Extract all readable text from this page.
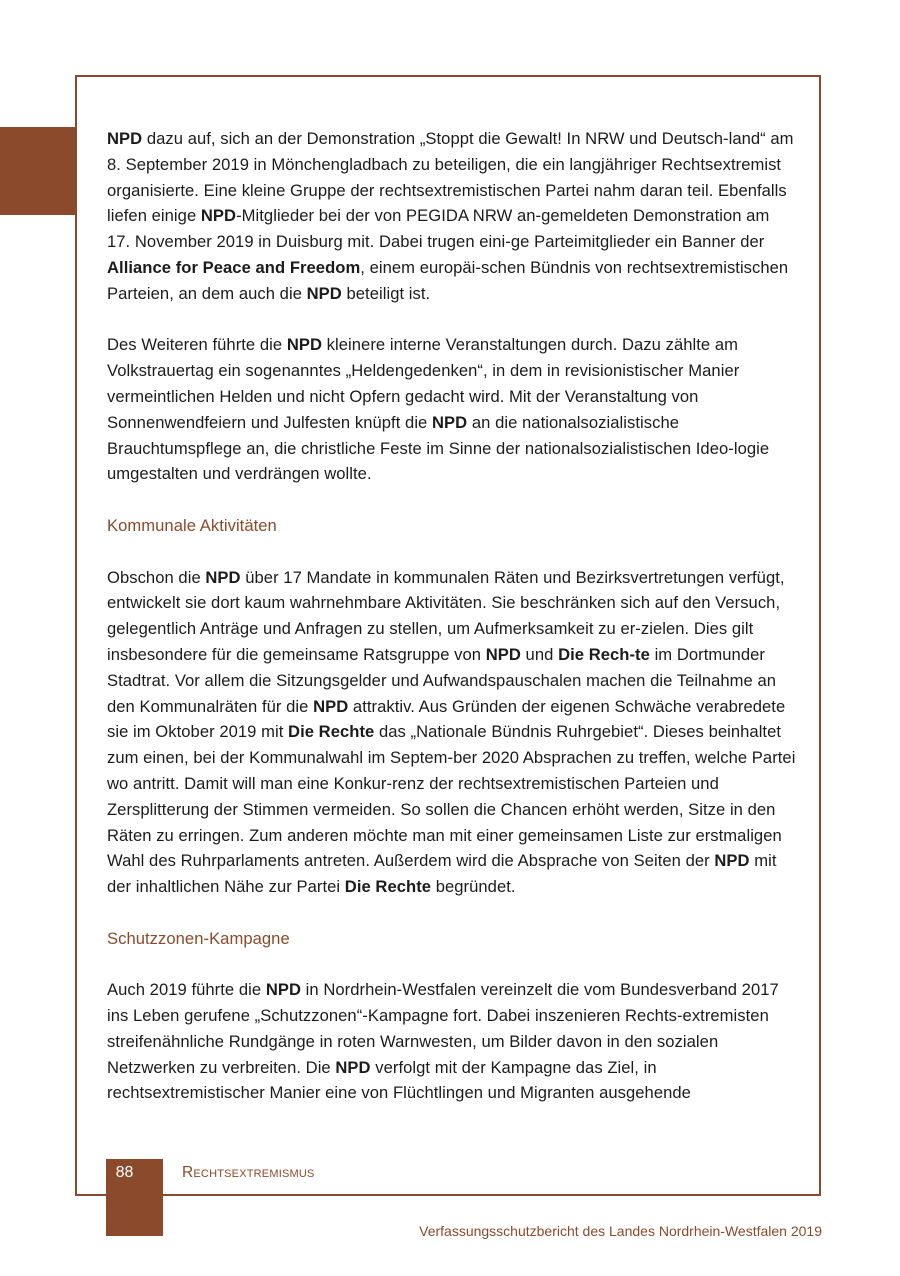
NPD dazu auf, sich an der Demonstration „Stoppt die Gewalt! In NRW und Deutsch-land“ am 8. September 2019 in Mönchengladbach zu beteiligen, die ein langjähriger Rechtsextremist organisierte. Eine kleine Gruppe der rechtsextremistischen Partei nahm daran teil. Ebenfalls liefen einige NPD-Mitglieder bei der von PEGIDA NRW an-gemeldeten Demonstration am 17. November 2019 in Duisburg mit. Dabei trugen eini-ge Parteimitglieder ein Banner der Alliance for Peace and Freedom, einem europäi-schen Bündnis von rechtsextremistischen Parteien, an dem auch die NPD beteiligt ist.

Des Weiteren führte die NPD kleinere interne Veranstaltungen durch. Dazu zählte am Volkstrauertag ein sogenanntes „Heldengedenken“, in dem in revisionistischer Manier vermeintlichen Helden und nicht Opfern gedacht wird. Mit der Veranstaltung von Sonnenwendfeiern und Julfesten knüpft die NPD an die nationalsozialistische Brauchtumspflege an, die christliche Feste im Sinne der nationalsozialistischen Ideo-logie umgestalten und verdrängen wollte.

Kommunale Aktivitäten

Obschon die NPD über 17 Mandate in kommunalen Räten und Bezirksvertretungen verfügt, entwickelt sie dort kaum wahrnehmbare Aktivitäten. Sie beschränken sich auf den Versuch, gelegentlich Anträge und Anfragen zu stellen, um Aufmerksamkeit zu er-zielen. Dies gilt insbesondere für die gemeinsame Ratsgruppe von NPD und Die Rech-te im Dortmunder Stadtrat. Vor allem die Sitzungsgelder und Aufwandspauschalen machen die Teilnahme an den Kommunalräten für die NPD attraktiv. Aus Gründen der eigenen Schwäche verabredete sie im Oktober 2019 mit Die Rechte das „Nationale Bündnis Ruhrgebiet“. Dieses beinhaltet zum einen, bei der Kommunalwahl im Septem-ber 2020 Absprachen zu treffen, welche Partei wo antritt. Damit will man eine Konkur-renz der rechtsextremistischen Parteien und Zersplitterung der Stimmen vermeiden. So sollen die Chancen erhöht werden, Sitze in den Räten zu erringen. Zum anderen möchte man mit einer gemeinsamen Liste zur erstmaligen Wahl des Ruhrparlaments antreten. Außerdem wird die Absprache von Seiten der NPD mit der inhaltlichen Nähe zur Partei Die Rechte begründet.

Schutzzonen-Kampagne

Auch 2019 führte die NPD in Nordrhein-Westfalen vereinzelt die vom Bundesverband 2017 ins Leben gerufene „Schutzzonen“-Kampagne fort. Dabei inszenieren Rechts-extremisten streifenähnliche Rundgänge in roten Warnwesten, um Bilder davon in den sozialen Netzwerken zu verbreiten. Die NPD verfolgt mit der Kampagne das Ziel, in rechtsextremistischer Manier eine von Flüchtlingen und Migranten ausgehende

88	Rechtsextremismus
Verfassungsschutzbericht des Landes Nordrhein-Westfalen 2019
